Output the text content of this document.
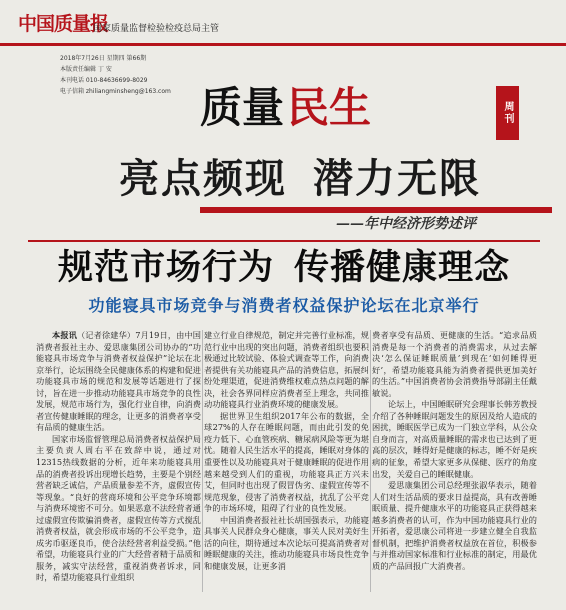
中国质量报
国家质量监督检验检疫总局主管
2018年7月26日 星期四 第66期
本版责任编辑 丁 安
本刊电话 010-84636699-8029
电子信箱 zhiliangminsheng@163.com 质量民生	周刊
亮点频现 潜力无限
——年中经济形势述评
规范市场行为 传播健康理念
功能寝具市场竞争与消费者权益保护论坛在北京举行

本报讯（记者徐建华）7月19日，由中国消费者报社主办、爱思康集团公司协办的“功能寝具市场竞争与消费者权益保护”论坛在北京举行，论坛围绕全民健康体系的构建和促进功能寝具市场的规范和发展等话题进行了探讨，旨在进一步推动功能寝具市场竞争的良性发展，规范市场行为，强化行业自律，向消费者宣传健康睡眠的理念，让更多的消费者享受有品质的健康生活。

国家市场监督管理总局消费者权益保护局主要负责人周右平在致辞中说，通过对12315热线数据的分析，近年来功能寝具用品的消费者投诉出现增长趋势，主要是个别经营者缺乏诚信，产品质量参差不齐，虚假宣传等现象。“良好的营商环境和公平竞争环境都与消费环境密不可分。如果恶意不法经营者通过虚假宣传欺骗消费者，虚假宣传等方式搅乱消费者权益，就会形成市场的不公平竞争，造成劣币驱逐良币，使合法经营者利益受损。”他希望，功能寝具行业的广大经营者精于品质和服务，减实守法经营，重视消费者诉求，同时，希望功能寝具行业组织

建立行业自律规范，制定并完善行业标准，规范行业中出现的突出问题，消费者组织也要积极通过比较试验、体验式调查等工作，向消费者提供有关功能寝具产品的消费信息，拓展纠纷处理渠道，促进消费维权难点热点问题的解决，社会各界同样应消费者至上理念，共同推动功能寝具行业消费环境的健康发展。

据世界卫生组织2017年公布的数据，全球27%的人存在睡眠问题，而由此引发的免疫力低下、心血管疾病、糖尿病风险等更为堪忧。随着人民生活水平的提高，睡眠对身体的重要性以及功能寝具对于健康睡眠的促进作用越来越受到人们的重视，功能寝具正方兴未艾，但同时也出现了假冒伪劣、虚假宣传等不规范现象，侵害了消费者权益，扰乱了公平竞争的市场环境，阻碍了行业的良性发展。

中国消费者报社社长胡国强表示，功能寝具事关人民群众身心健康，事关人民对美好生活的向往，期待通过本次论坛可提高消费者对睡眠健康的关注，推动功能寝具市场良性竞争和健康发展，让更多消

费者享受有品质、更健康的生活。“追求品质消费是每一个消费者的消费需求，从过去解决‘怎么保证睡眠质量’到现在‘如何睡得更好’，希望功能寝具能为消费者提供更加美好的生活。”中国消费者协会消费指导部副主任戴敏说。

论坛上，中国睡眠研究会理事长韩芳教授介绍了各种睡眠问题发生的原因及给人造成的困扰，睡眠医学已成为一门独立学科，从公众自身而言，对高质量睡眠的需求也已达到了更高的层次，睡得好是健康的标志，睡不好是疾病的征象，希望大家更多从保健、医疗的角度出发，关爱自己的睡眠健康。

爱思康集团公司总经理张淑华表示，随着人们对生活品质的要求日益提高，具有改善睡眠质量、提升健康水平的功能寝具正获得越来越多消费者的认可，作为中国功能寝具行业的开拓者，爱思康公司将进一步建立健全自我监督机制，把维护消费者权益放在首位，积极参与并推动国家标准和行业标准的制定，用最优质的产品回报广大消费者。
